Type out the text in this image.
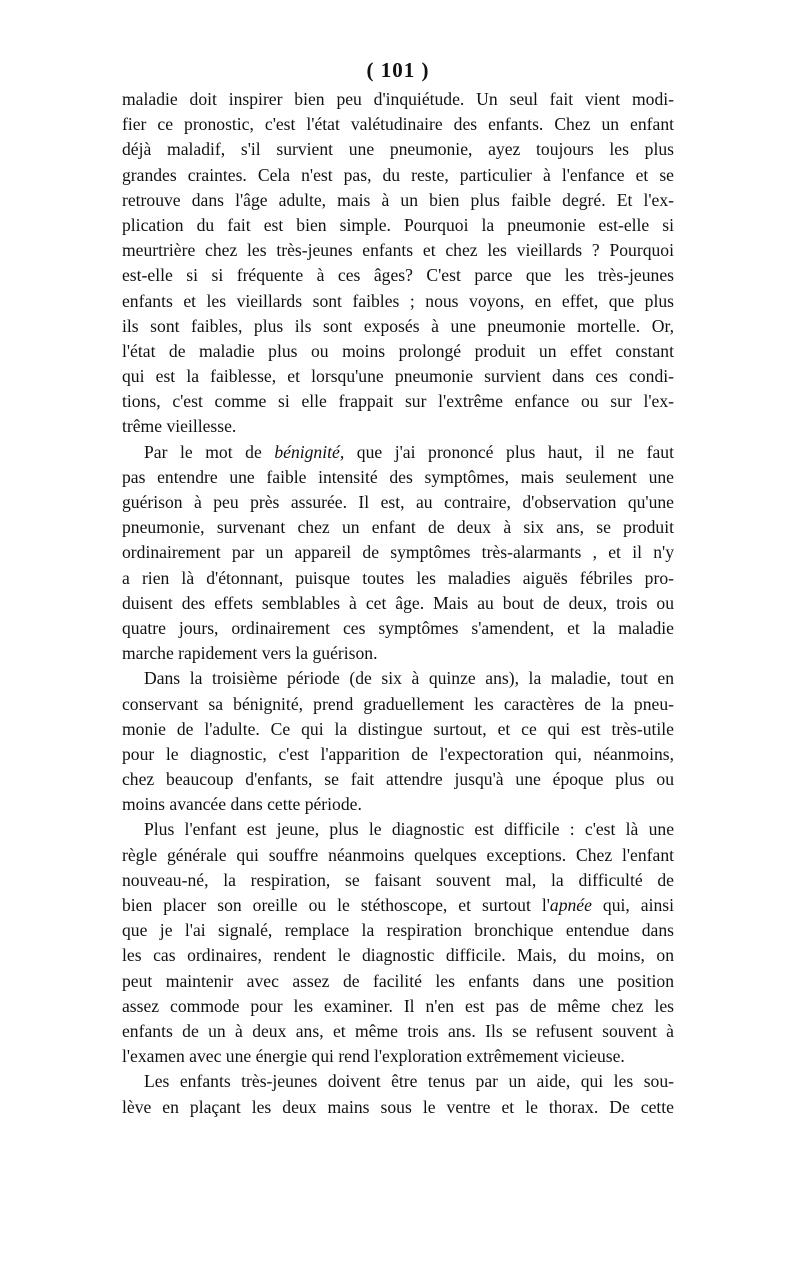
( 101 )
maladie doit inspirer bien peu d'inquiétude. Un seul fait vient modi-
fier ce pronostic, c'est l'état valétudinaire des enfants. Chez un enfant
déjà maladif, s'il survient une pneumonie, ayez toujours les plus
grandes craintes. Cela n'est pas, du reste, particulier à l'enfance et se
retrouve dans l'âge adulte, mais à un bien plus faible degré. Et l'ex-
plication du fait est bien simple. Pourquoi la pneumonie est-elle si
meurtrière chez les très-jeunes enfants et chez les vieillards ? Pourquoi
est-elle si si fréquente à ces âges? C'est parce que les très-jeunes
enfants et les vieillards sont faibles ; nous voyons, en effet, que plus
ils sont faibles, plus ils sont exposés à une pneumonie mortelle. Or,
l'état de maladie plus ou moins prolongé produit un effet constant
qui est la faiblesse, et lorsqu'une pneumonie survient dans ces condi-
tions, c'est comme si elle frappait sur l'extrême enfance ou sur l'ex-
trême vieillesse.
Par le mot de bénignité, que j'ai prononcé plus haut, il ne faut
pas entendre une faible intensité des symptômes, mais seulement une
guérison à peu près assurée. Il est, au contraire, d'observation qu'une
pneumonie, survenant chez un enfant de deux à six ans, se produit
ordinairement par un appareil de symptômes très-alarmants , et il n'y
a rien là d'étonnant, puisque toutes les maladies aiguës fébriles pro-
duisent des effets semblables à cet âge. Mais au bout de deux, trois ou
quatre jours, ordinairement ces symptômes s'amendent, et la maladie
marche rapidement vers la guérison.
Dans la troisième période (de six à quinze ans), la maladie, tout en
conservant sa bénignité, prend graduellement les caractères de la pneu-
monie de l'adulte. Ce qui la distingue surtout, et ce qui est très-utile
pour le diagnostic, c'est l'apparition de l'expectoration qui, néanmoins,
chez beaucoup d'enfants, se fait attendre jusqu'à une époque plus ou
moins avancée dans cette période.
Plus l'enfant est jeune, plus le diagnostic est difficile : c'est là une
règle générale qui souffre néanmoins quelques exceptions. Chez l'enfant
nouveau-né, la respiration, se faisant souvent mal, la difficulté de
bien placer son oreille ou le stéthoscope, et surtout l'apnée qui, ainsi
que je l'ai signalé, remplace la respiration bronchique entendue dans
les cas ordinaires, rendent le diagnostic difficile. Mais, du moins, on
peut maintenir avec assez de facilité les enfants dans une position
assez commode pour les examiner. Il n'en est pas de même chez les
enfants de un à deux ans, et même trois ans. Ils se refusent souvent à
l'examen avec une énergie qui rend l'exploration extrêmement vicieuse.
Les enfants très-jeunes doivent être tenus par un aide, qui les sou-
lève en plaçant les deux mains sous le ventre et le thorax. De cette
